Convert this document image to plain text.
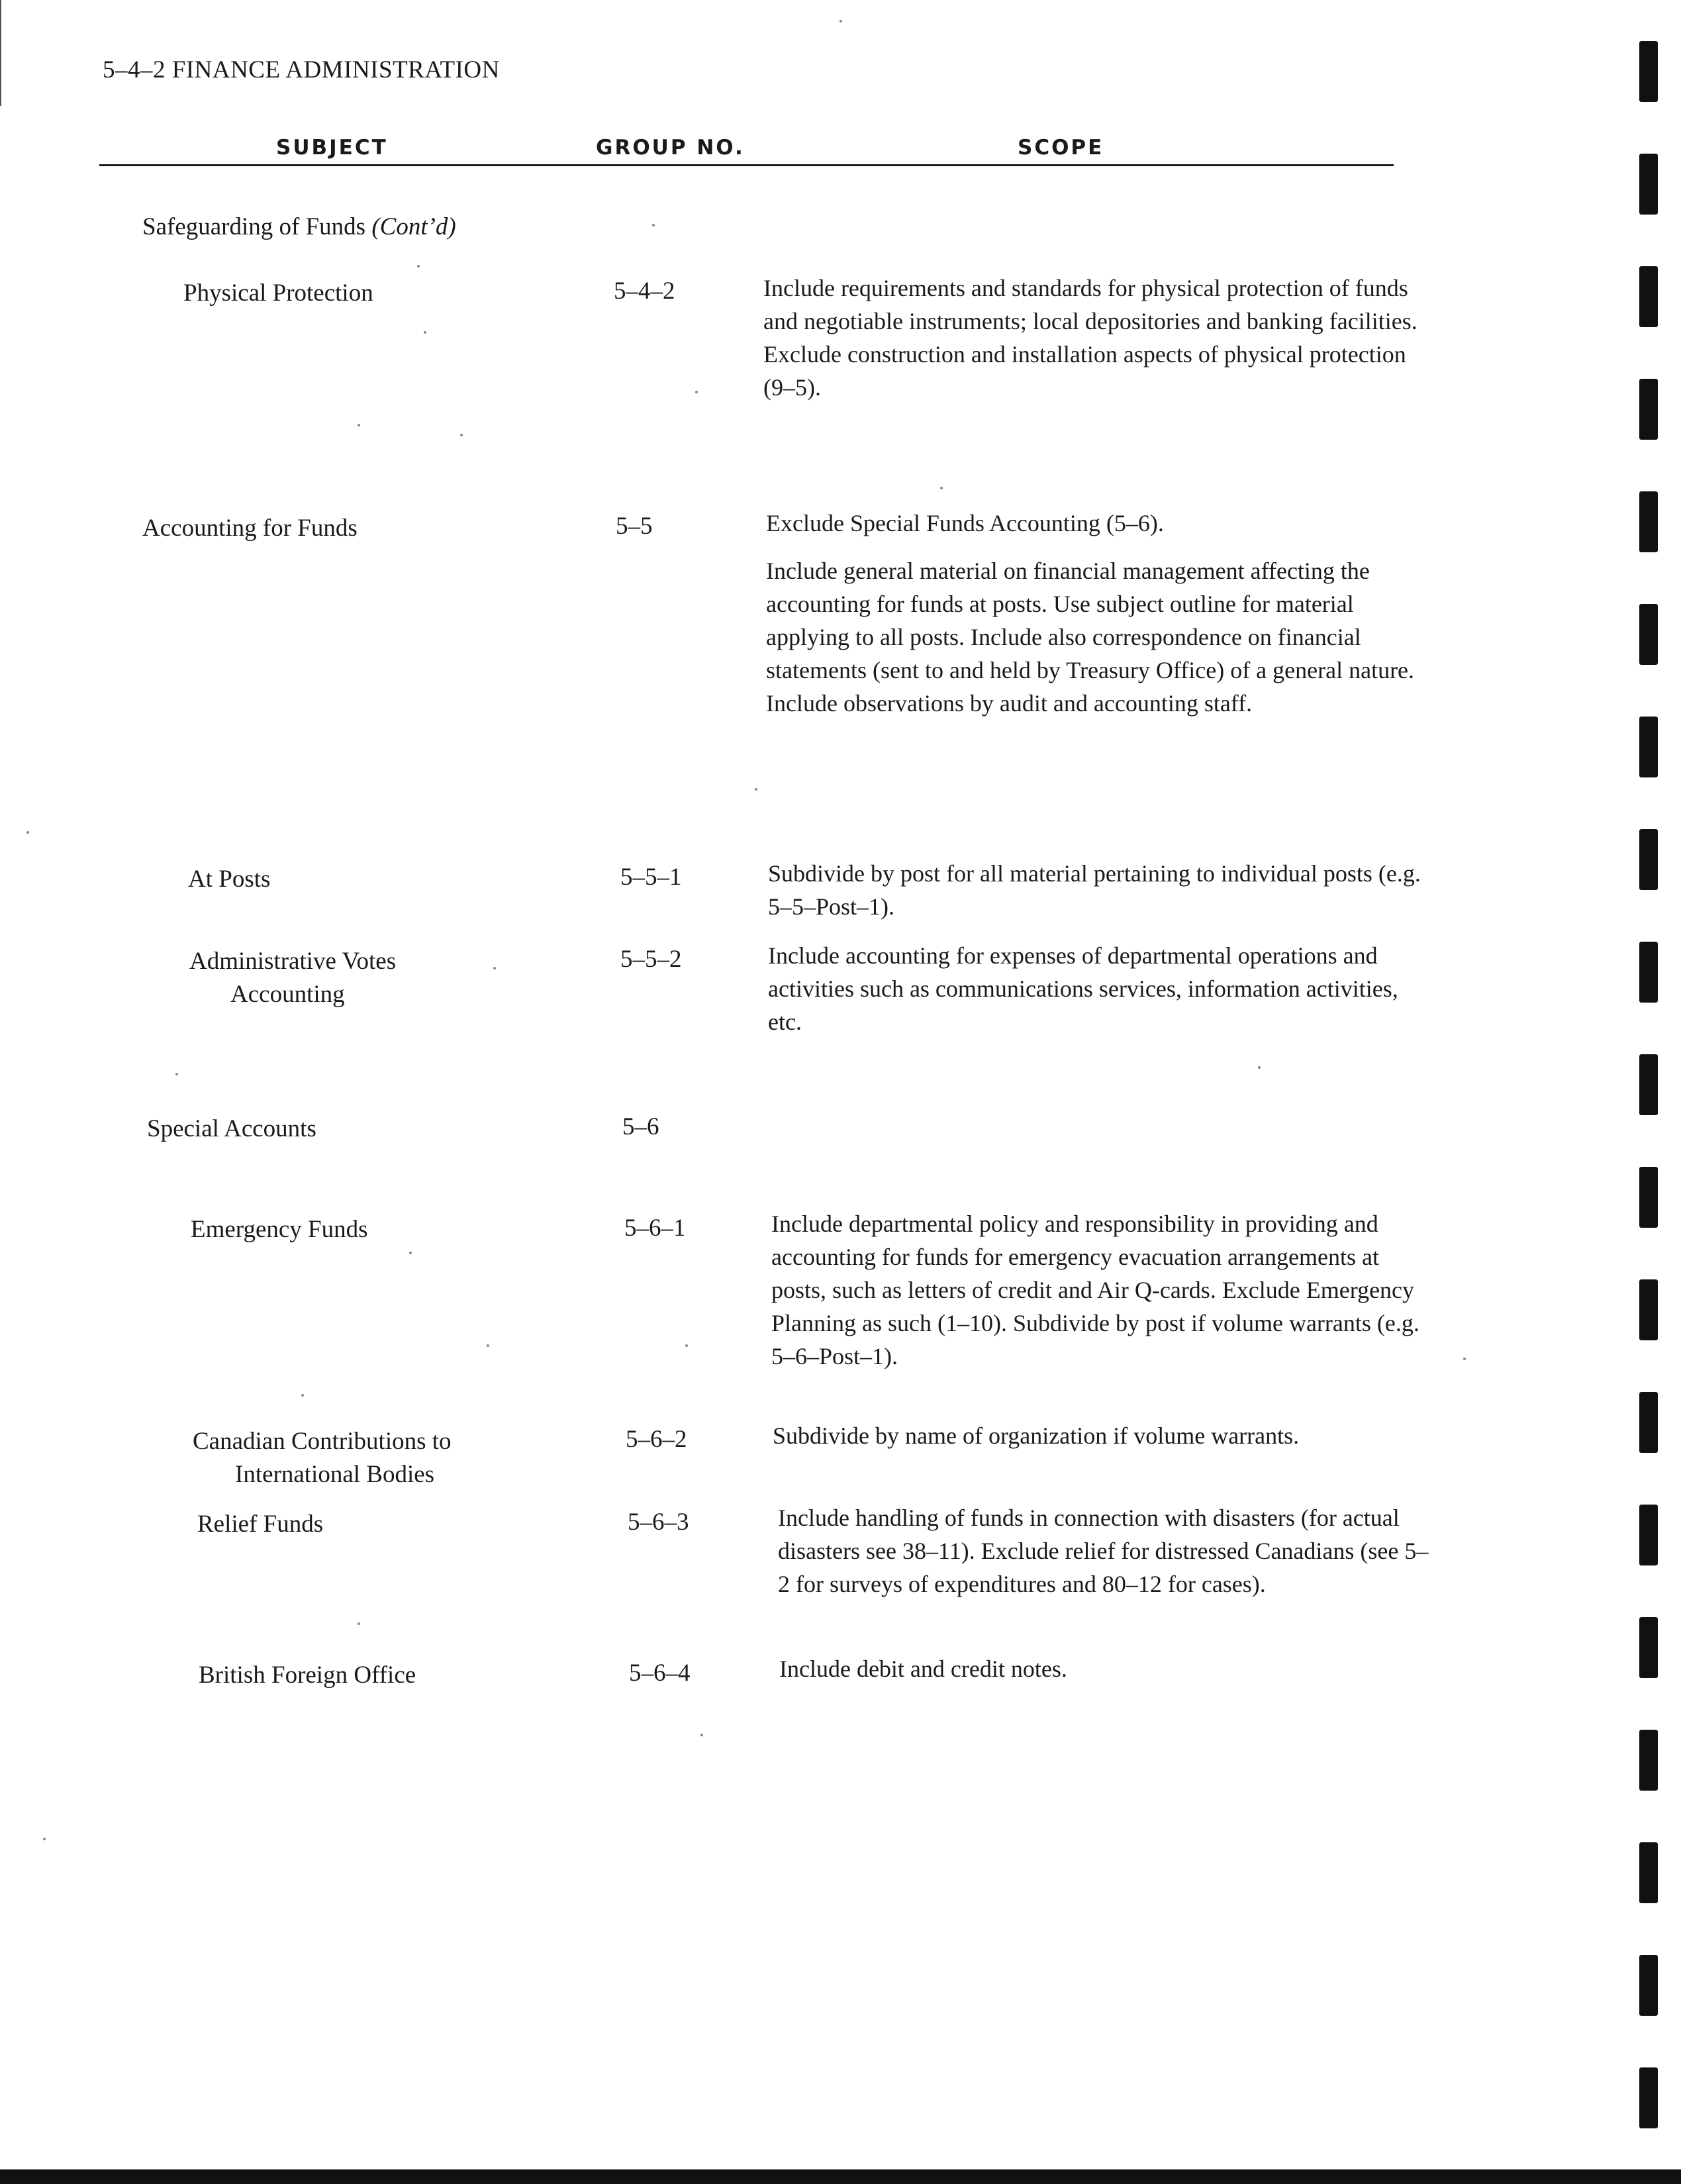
5–4–2 FINANCE ADMINISTRATION
SUBJECT	GROUP NO.	SCOPE
Safeguarding of Funds (Cont’d)
Physical Protection	5–4–2	Include requirements and standards for physical protection of funds and negotiable instruments; local depositories and banking facilities. Exclude construction and installation aspects of physical protection (9–5).

Accounting for Funds	5–5	Exclude Special Funds Accounting (5–6).

Include general material on financial management affecting the accounting for funds at posts. Use subject outline for material applying to all posts. Include also correspondence on financial statements (sent to and held by Treasury Office) of a general nature. Include observations by audit and accounting staff.

At Posts	5–5–1	Subdivide by post for all material pertaining to individual posts (e.g. 5–5–Post–1).

Administrative Votes
Accounting
5–5–2	Include accounting for expenses of departmental operations and activities such as communications services, information activities, etc.

Special Accounts	5–6
Emergency Funds	5–6–1	Include departmental policy and responsibility in providing and accounting for funds for emergency evacuation arrangements at posts, such as letters of credit and Air Q-cards. Exclude Emergency Planning as such (1–10). Subdivide by post if volume warrants (e.g. 5–6–Post–1).

Canadian Contributions to
International Bodies
5–6–2	Subdivide by name of organization if volume warrants.

Relief Funds	5–6–3	Include handling of funds in connection with disasters (for actual disasters see 38–11). Exclude relief for distressed Canadians (see 5–2 for surveys of expenditures and 80–12 for cases).

British Foreign Office	5–6–4	Include debit and credit notes.
